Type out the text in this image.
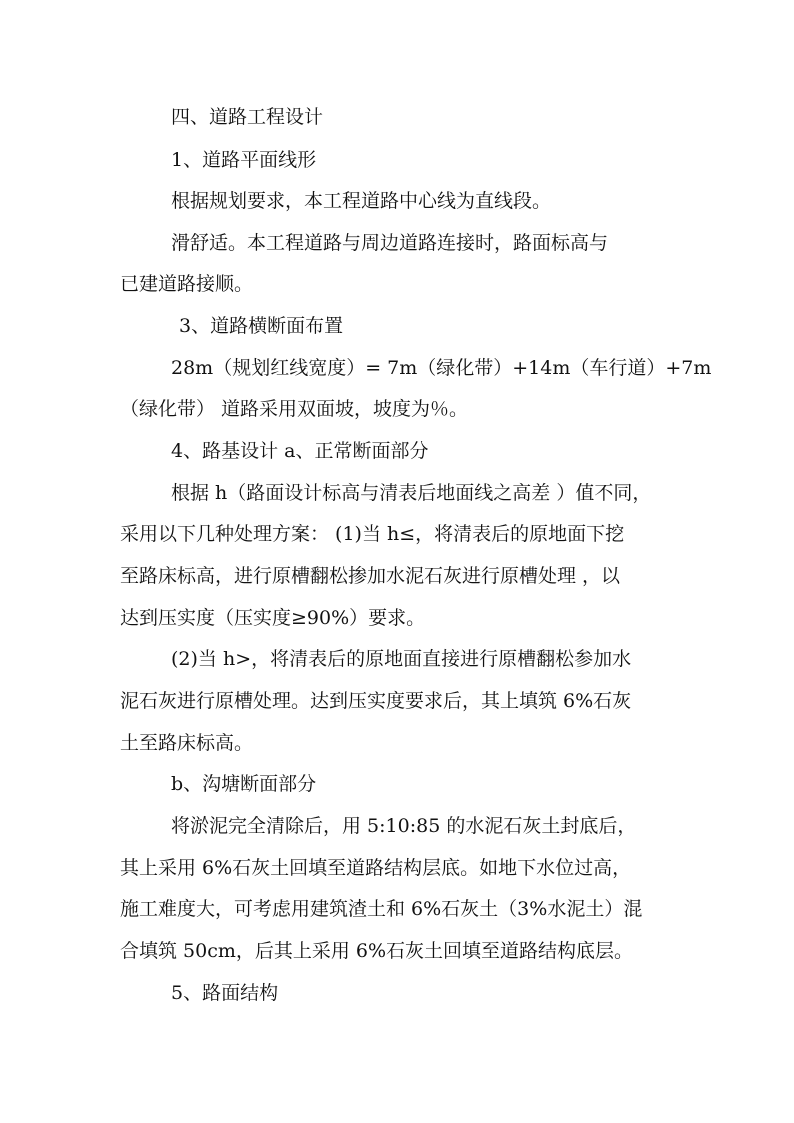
四、道路工程设计
1、道路平面线形
根据规划要求，本工程道路中心线为直线段。
滑舒适。本工程道路与周边道路连接时，路面标高与
已建道路接顺。
3、道路横断面布置
28m（规划红线宽度）= 7m（绿化带）+14m（车行道）+7m
（绿化带） 道路采用双面坡，坡度为％。
4、路基设计 a、正常断面部分
根据 h（路面设计标高与清表后地面线之高差 ）值不同，
采用以下几种处理方案： (1)当 h≤，将清表后的原地面下挖
至路床标高，进行原槽翻松掺加水泥石灰进行原槽处理 ，以
达到压实度（压实度≥90%）要求。
(2)当 h>，将清表后的原地面直接进行原槽翻松参加水
泥石灰进行原槽处理。达到压实度要求后，其上填筑 6%石灰
土至路床标高。
b、沟塘断面部分
将淤泥完全清除后，用 5:10:85 的水泥石灰土封底后，
其上采用 6%石灰土回填至道路结构层底。如地下水位过高，
施工难度大，可考虑用建筑渣土和 6%石灰土（3%水泥土）混
合填筑 50cm，后其上采用 6%石灰土回填至道路结构底层。
5、路面结构
